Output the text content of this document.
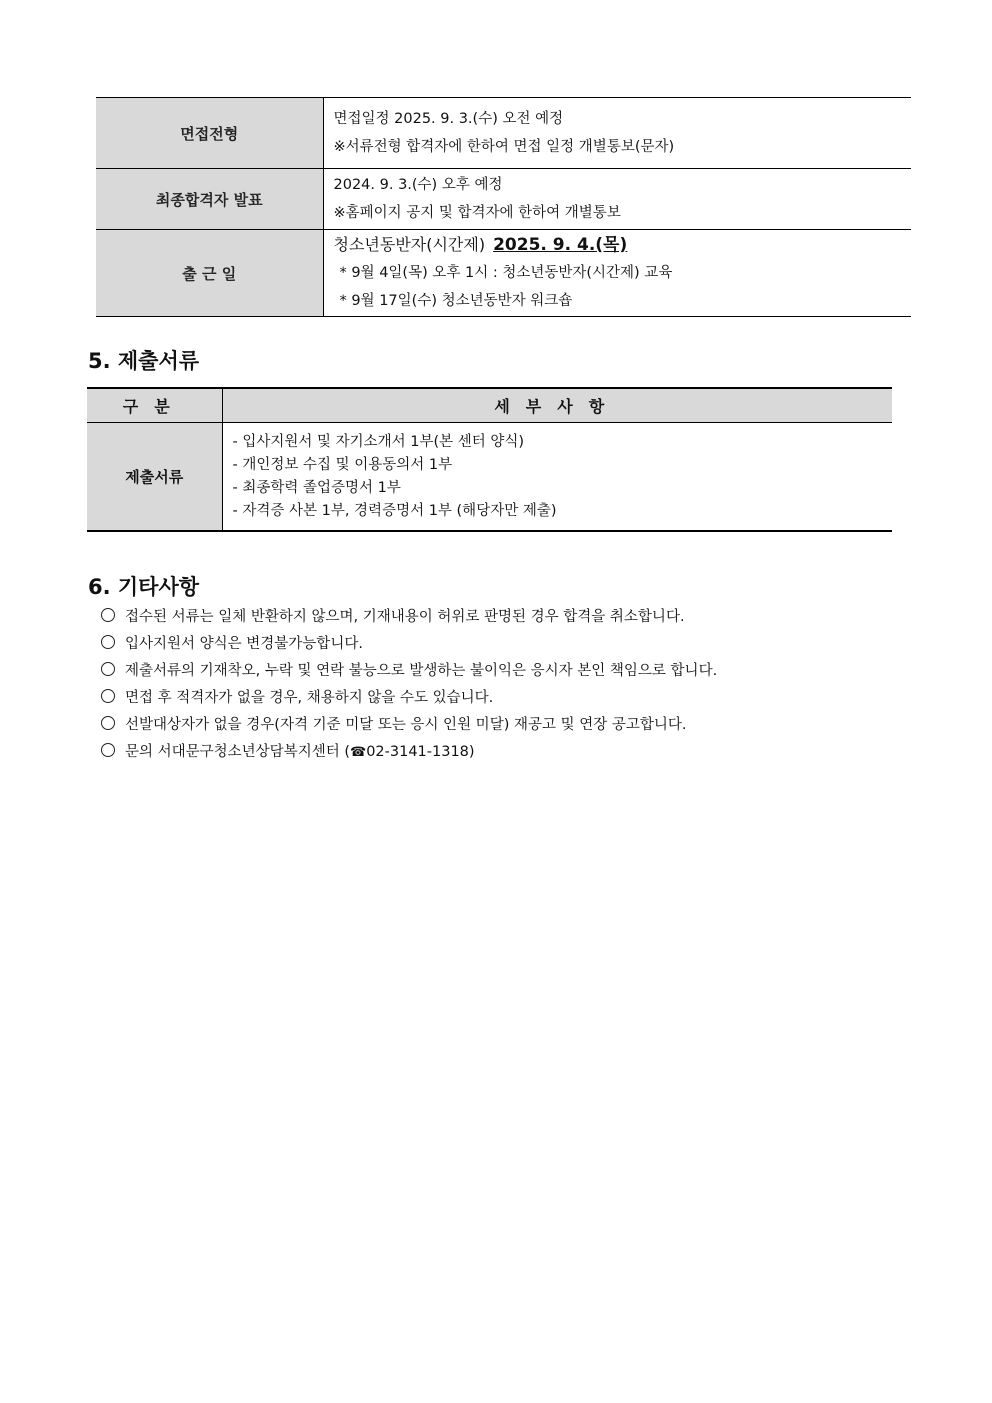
면접전형	면접일정 2025. 9. 3.(수) 오전 예정
※서류전형 합격자에 한하여 면접 일정 개별통보(문자)

최종합격자 발표	2024. 9. 3.(수) 오후 예정
※홈페이지 공지 및 합격자에 한하여 개별통보

출 근 일	청소년동반자(시간제) 2025. 9. 4.(목)
* 9월 4일(목) 오후 1시 : 청소년동반자(시간제) 교육
* 9월 17일(수) 청소년동반자 워크숍
5. 제출서류
구분	세부사항
제출서류	- 입사지원서 및 자기소개서 1부(본 센터 양식)
- 개인정보 수집 및 이용동의서 1부
- 최종학력 졸업증명서 1부
- 자격증 사본 1부, 경력증명서 1부 (해당자만 제출)
6. 기타사항
접수된 서류는 일체 반환하지 않으며, 기재내용이 허위로 판명된 경우 합격을 취소합니다.
입사지원서 양식은 변경불가능합니다.
제출서류의 기재착오, 누락 및 연락 불능으로 발생하는 불이익은 응시자 본인 책임으로 합니다.
면접 후 적격자가 없을 경우, 채용하지 않을 수도 있습니다.
선발대상자가 없을 경우(자격 기준 미달 또는 응시 인원 미달) 재공고 및 연장 공고합니다.
문의 서대문구청소년상담복지센터 (☎02-3141-1318)
